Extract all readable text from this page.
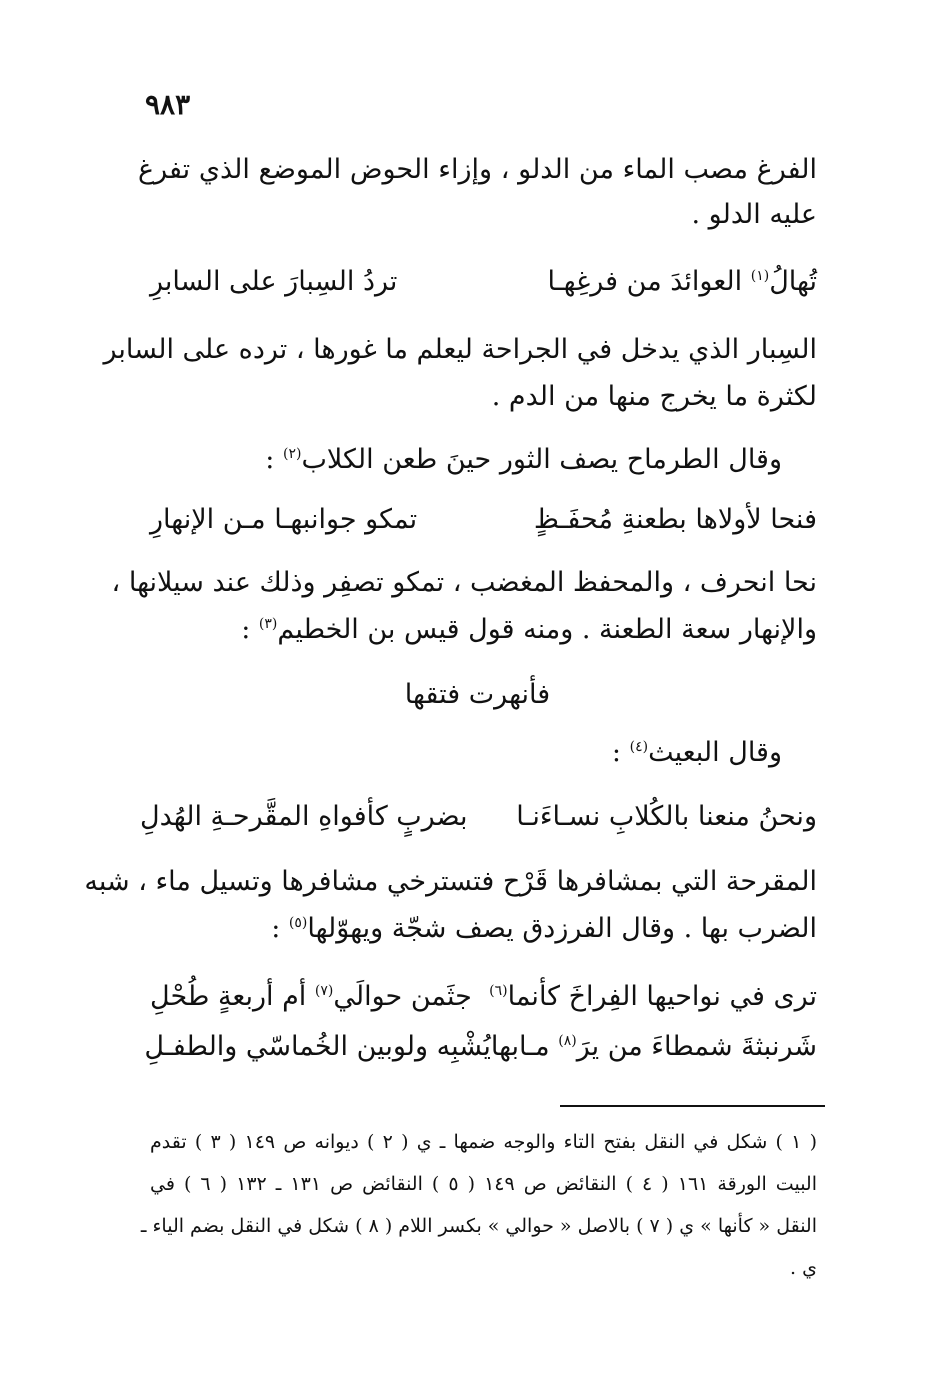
٩٨٣
الفرغ مصب الماء من الدلو ، وإزاء الحوض الموضع الذي تفرغ
عليه الدلو .
تُهالُ$^{(١)}$ العوائدَ من فرغِهـا
تردُ السِبارَ على السابرِ
السِبار الذي يدخل في الجراحة ليعلم ما غورها ، ترده على السابر
لكثرة ما يخرج منها من الدم .
وقال الطرماح يصف الثور حينَ طعن الكلاب$^{(٢)}$ :
فنحا لأولاها بطعنةِ مُحفَـظٍ
تمكو جوانبهـا مـن الإنهارِ
نحا انحرف ، والمحفظ المغضب ، تمكو تصفِر وذلك عند سيلانها ،
والإنهار سعة الطعنة . ومنه قول قيس بن الخطيم$^{(٣)}$ :
فأنهرت فتقها
وقال البعيث$^{(٤)}$ :
ونحنُ منعنا بالكُلابِ نسـاءَنـا
بضربٍ كأفواهِ المقَّرحـةِ الهُدلِ
المقرحة التي بمشافرها قَرْح فتسترخي مشافرها وتسيل ماء ، شبه
الضرب بها . وقال الفرزدق يصف شجّة ويهوّلها$^{(٥)}$ :
ترى في نواحيها الفِراخَ كأنما$^{(٦)}$
جثَمن حوالَي$^{(٧)}$ أم أربعةٍ طُحْلِ
شَرنبثةَ شمطاءَ من يرَ$^{(٨)}$ مـابها
يُشْبِه ولوبين الخُماسّي والطفـلِ
( ١ ) شكل في النقل بفتح التاء والوجه ضمها ـ ي ( ٢ ) ديوانه ص ١٤٩ ( ٣ ) تقدم
البيت الورقة ١٦١ ( ٤ ) النقائض ص ١٤٩ ( ٥ ) النقائض ص ١٣١ ـ ١٣٢ ( ٦ ) في
النقل « كأنها » ي ( ٧ ) بالاصل « حوالي » بكسر اللام ( ٨ ) شكل في النقل بضم الياء ـ
ي .
